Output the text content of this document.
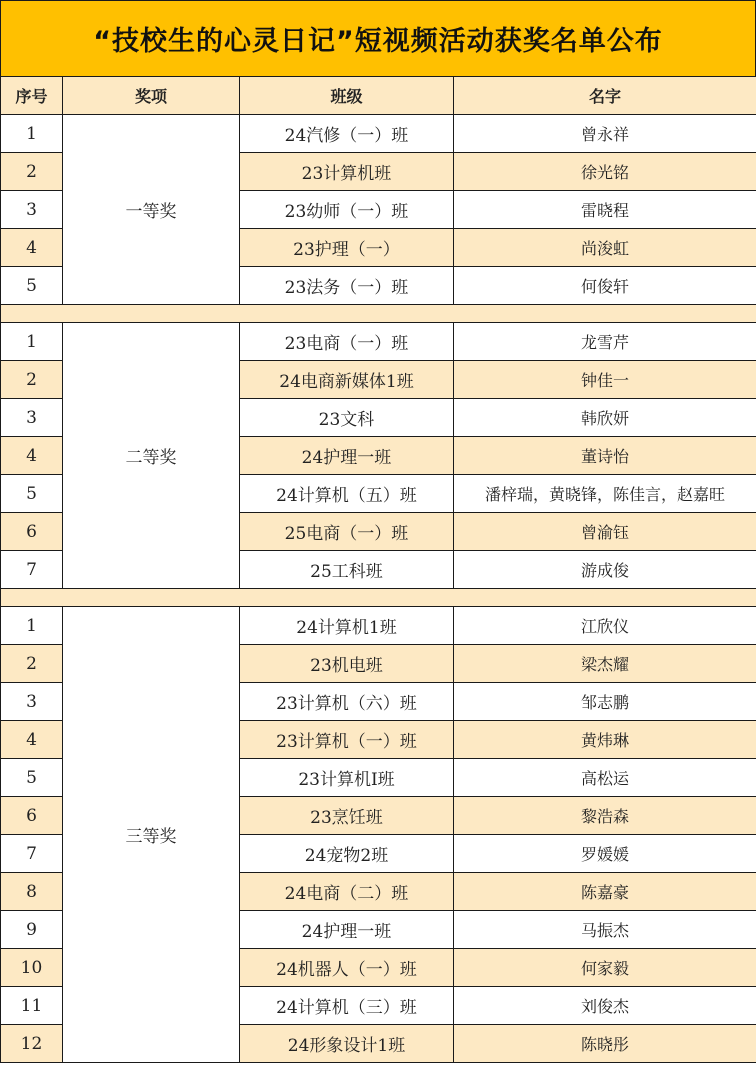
“技校生的心灵日记”短视频活动获奖名单公布
序号	奖项	班级	名字
1	一等奖	24汽修（一）班	曾永祥
2		23计算机班	徐光铭
3		23幼师（一）班	雷晓程
4		23护理（一）	尚浚虹
5		23法务（一）班	何俊轩

1	二等奖	23电商（一）班	龙雪芹
2		24电商新媒体1班	钟佳一
3		23文科	韩欣妍
4		24护理一班	董诗怡
5		24计算机（五）班	潘梓瑞，黄晓锋，陈佳言，赵嘉旺
6		25电商（一）班	曾渝钰
7		25工科班	游成俊

1	三等奖	24计算机1班	江欣仪
2		23机电班	梁杰耀
3		23计算机（六）班	邹志鹏
4		23计算机（一）班	黄炜琳
5		23计算机Ⅰ班	高松运
6		23烹饪班	黎浩森
7		24宠物2班	罗媛媛
8		24电商（二）班	陈嘉豪
9		24护理一班	马振杰
10		24机器人（一）班	何家毅
11		24计算机（三）班	刘俊杰
12		24形象设计1班	陈晓彤
